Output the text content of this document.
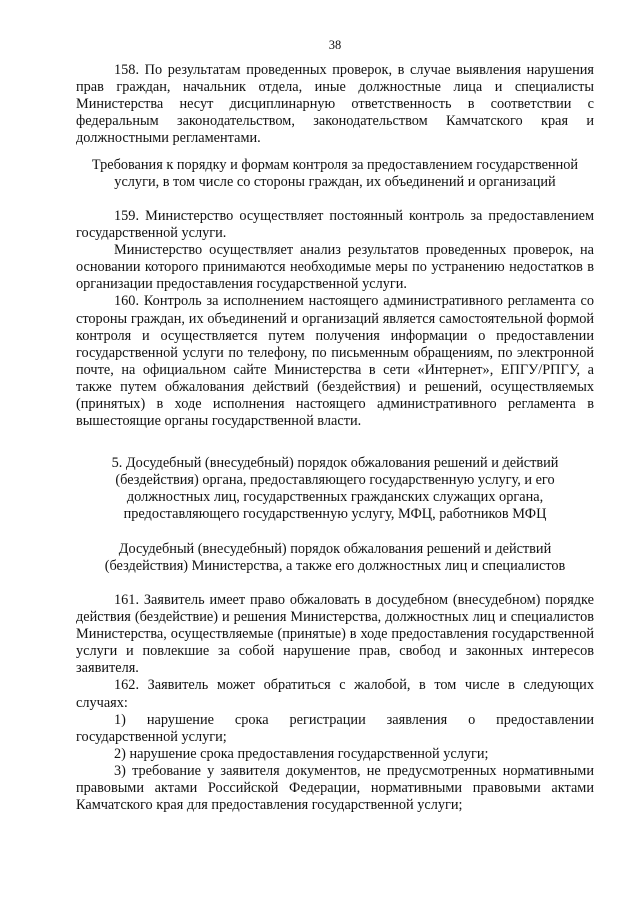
38

158. По результатам проведенных проверок, в случае выявления нарушения прав граждан, начальник отдела, иные должностные лица и специалисты Министерства несут дисциплинарную ответственность в соответствии с федеральным законодательством, законодательством Камчатского края и должностными регламентами.

Требования к порядку и формам контроля за предоставлением государственной услуги, в том числе со стороны граждан, их объединений и организаций

159. Министерство осуществляет постоянный контроль за предоставлением государственной услуги.

Министерство осуществляет анализ результатов проведенных проверок, на основании которого принимаются необходимые меры по устранению недостатков в организации предоставления государственной услуги.

160. Контроль за исполнением настоящего административного регламента со стороны граждан, их объединений и организаций является самостоятельной формой контроля и осуществляется путем получения информации о предоставлении государственной услуги по телефону, по письменным обращениям, по электронной почте, на официальном сайте Министерства в сети «Интернет», ЕПГУ/РПГУ, а также путем обжалования действий (бездействия) и решений, осуществляемых (принятых) в ходе исполнения настоящего административного регламента в вышестоящие органы государственной власти.

5. Досудебный (внесудебный) порядок обжалования решений и действий (бездействия) органа, предоставляющего государственную услугу, и его должностных лиц, государственных гражданских служащих органа, предоставляющего государственную услугу, МФЦ, работников МФЦ

Досудебный (внесудебный) порядок обжалования решений и действий (бездействия) Министерства, а также его должностных лиц и специалистов

161. Заявитель имеет право обжаловать в досудебном (внесудебном) порядке действия (бездействие) и решения Министерства, должностных лиц и специалистов Министерства, осуществляемые (принятые) в ходе предоставления государственной услуги и повлекшие за собой нарушение прав, свобод и законных интересов заявителя.

162. Заявитель может обратиться с жалобой, в том числе в следующих случаях:

1) нарушение срока регистрации заявления о предоставлении государственной услуги;

2) нарушение срока предоставления государственной услуги;

3) требование у заявителя документов, не предусмотренных нормативными правовыми актами Российской Федерации, нормативными правовыми актами Камчатского края для предоставления государственной услуги;
